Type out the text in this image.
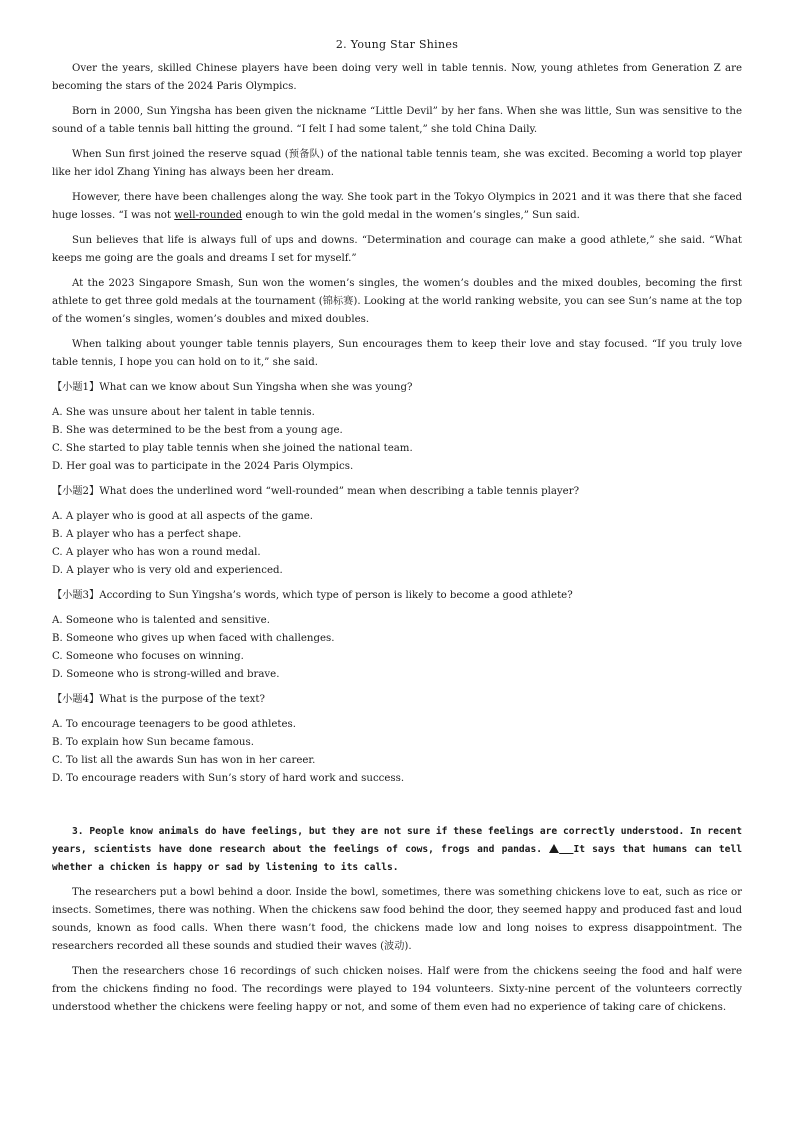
2. Young Star Shines

Over the years, skilled Chinese players have been doing very well in table tennis. Now, young athletes from Generation Z are becoming the stars of the 2024 Paris Olympics.

Born in 2000, Sun Yingsha has been given the nickname “Little Devil” by her fans. When she was little, Sun was sensitive to the sound of a table tennis ball hitting the ground. “I felt I had some talent,” she told China Daily.

When Sun first joined the reserve squad (预备队) of the national table tennis team, she was excited. Becoming a world top player like her idol Zhang Yining has always been her dream.

However, there have been challenges along the way. She took part in the Tokyo Olympics in 2021 and it was there that she faced huge losses. “I was not well-rounded enough to win the gold medal in the women’s singles,” Sun said.

Sun believes that life is always full of ups and downs. “Determination and courage can make a good athlete,” she said. “What keeps me going are the goals and dreams I set for myself.”

At the 2023 Singapore Smash, Sun won the women’s singles, the women’s doubles and the mixed doubles, becoming the first athlete to get three gold medals at the tournament (锦标赛). Looking at the world ranking website, you can see Sun’s name at the top of the women’s singles, women’s doubles and mixed doubles.

When talking about younger table tennis players, Sun encourages them to keep their love and stay focused. “If you truly love table tennis, I hope you can hold on to it,” she said.

【小题1】What can we know about Sun Yingsha when she was young?
A. She was unsure about her talent in table tennis.
B. She was determined to be the best from a young age.
C. She started to play table tennis when she joined the national team.
D. Her goal was to participate in the 2024 Paris Olympics.
【小题2】What does the underlined word “well-rounded” mean when describing a table tennis player?
A. A player who is good at all aspects of the game.
B. A player who has a perfect shape.
C. A player who has won a round medal.
D. A player who is very old and experienced.
【小题3】According to Sun Yingsha’s words, which type of person is likely to become a good athlete?
A. Someone who is talented and sensitive.
B. Someone who gives up when faced with challenges.
C. Someone who focuses on winning.
D. Someone who is strong-willed and brave.
【小题4】What is the purpose of the text?
A. To encourage teenagers to be good athletes.
B. To explain how Sun became famous.
C. To list all the awards Sun has won in her career.
D. To encourage readers with Sun’s story of hard work and success.

3. People know animals do have feelings, but they are not sure if these feelings are correctly understood. In recent years, scientists have done research about the feelings of cows, frogs and pandas.	It says that humans can tell whether a chicken is happy or sad by listening to its calls.

The researchers put a bowl behind a door. Inside the bowl, sometimes, there was something chickens love to eat, such as rice or insects. Sometimes, there was nothing. When the chickens saw food behind the door, they seemed happy and produced fast and loud sounds, known as food calls. When there wasn’t food, the chickens made low and long noises to express disappointment. The researchers recorded all these sounds and studied their waves (波动).

Then the researchers chose 16 recordings of such chicken noises. Half were from the chickens seeing the food and half were from the chickens finding no food. The recordings were played to 194 volunteers. Sixty-nine percent of the volunteers correctly understood whether the chickens were feeling happy or not, and some of them even had no experience of taking care of chickens.
